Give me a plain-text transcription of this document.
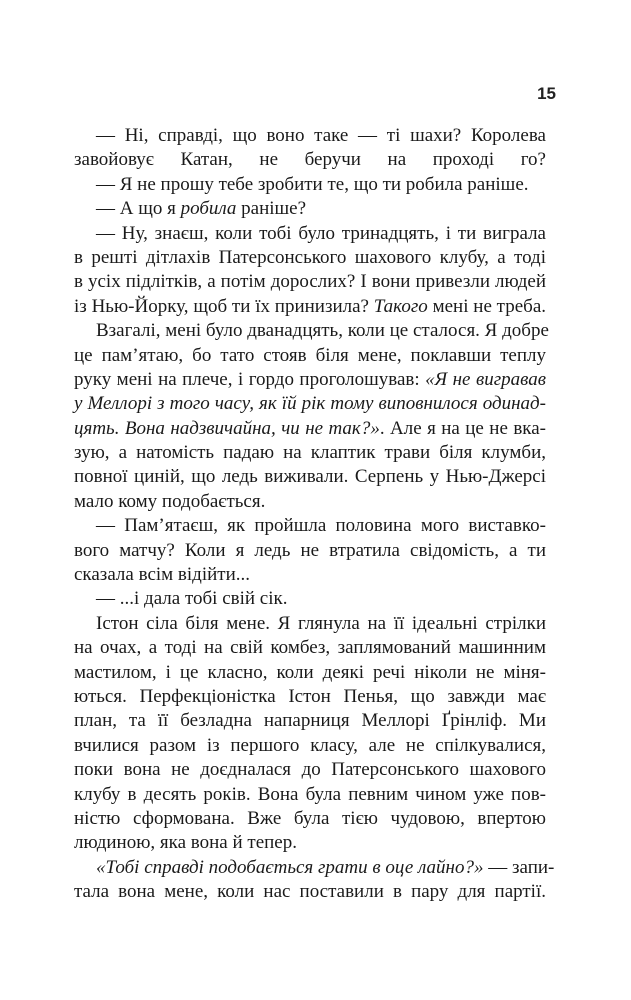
15
— Ні, справді, що воно таке — ті шахи? Королева
завойовує Катан, не беручи на проході го?
— Я не прошу тебе зробити те, що ти робила раніше.
— А що я робила раніше?
— Ну, знаєш, коли тобі було тринадцять, і ти виграла
в решті дітлахів Патерсонського шахового клубу, а тоді
в усіх підлітків, а потім дорослих? І вони привезли людей
із Нью-Йорку, щоб ти їх принизила? Такого мені не треба.
Взагалі, мені було дванадцять, коли це сталося. Я добре
це пам’ятаю, бо тато стояв біля мене, поклавши теплу
руку мені на плече, і гордо проголошував: «Я не вигравав
у Меллорі з того часу, як їй рік тому виповнилося одинад-
цять. Вона надзвичайна, чи не так?». Але я на це не вка-
зую, а натомість падаю на клаптик трави біля клумби,
повної циній, що ледь виживали. Серпень у Нью-Джерсі
мало кому подобається.
— Пам’ятаєш, як пройшла половина мого виставко-
вого матчу? Коли я ледь не втратила свідомість, а ти
сказала всім відійти...
— ...і дала тобі свій сік.
Істон сіла біля мене. Я глянула на її ідеальні стрілки
на очах, а тоді на свій комбез, заплямований машинним
мастилом, і це класно, коли деякі речі ніколи не міня-
ються. Перфекціоністка Істон Пенья, що завжди має
план, та її безладна напарниця Меллорі Ґрінліф. Ми
вчилися разом із першого класу, але не спілкувалися,
поки вона не доєдналася до Патерсонського шахового
клубу в десять років. Вона була певним чином уже пов-
ністю сформована. Вже була тією чудовою, впертою
людиною, яка вона й тепер.
«Тобі справді подобається грати в оце лайно?» — запи-
тала вона мене, коли нас поставили в пару для партії.
